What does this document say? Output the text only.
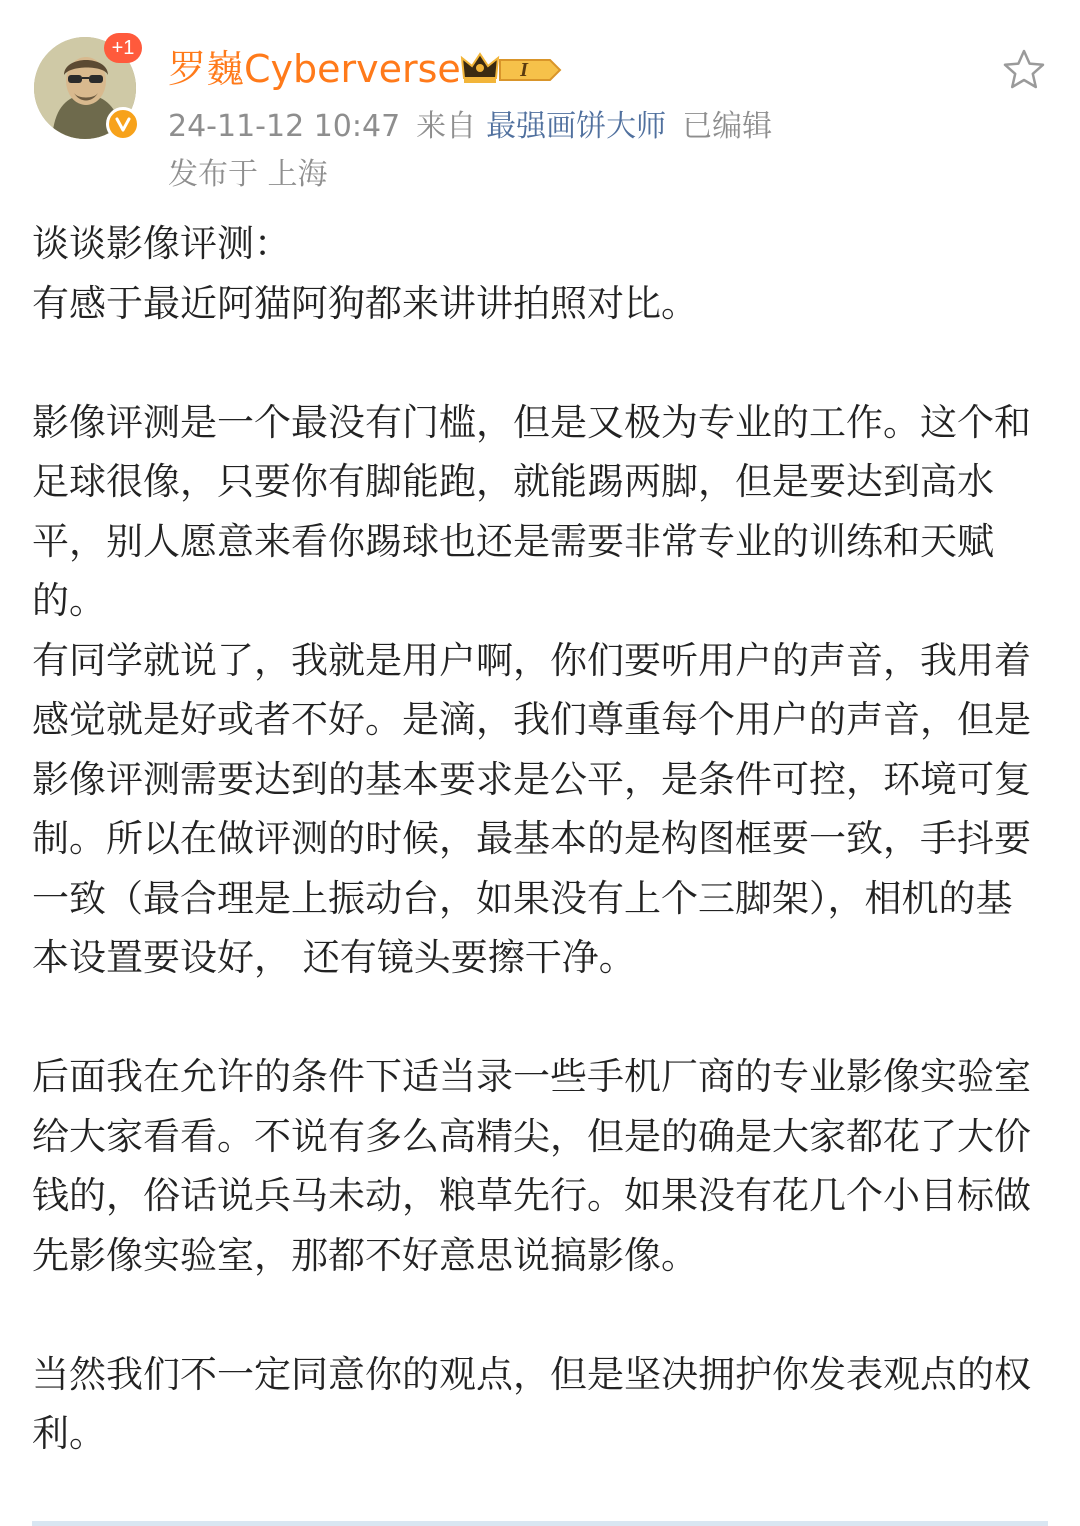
+1 罗巍Cyberverse	I
24-11-12 10:47 来自 最强画饼大师 已编辑
发布于 上海

谈谈影像评测：

有感于最近阿猫阿狗都来讲讲拍照对比。

影像评测是一个最没有门槛，但是又极为专业的工作。这个和足球很像，只要你有脚能跑，就能踢两脚，但是要达到高水平，别人愿意来看你踢球也还是需要非常专业的训练和天赋的。

有同学就说了，我就是用户啊，你们要听用户的声音，我用着感觉就是好或者不好。是滴，我们尊重每个用户的声音，但是影像评测需要达到的基本要求是公平，是条件可控，环境可复制。所以在做评测的时候，最基本的是构图框要一致，手抖要一致（最合理是上振动台，如果没有上个三脚架），相机的基本设置要设好， 还有镜头要擦干净。

后面我在允许的条件下适当录一些手机厂商的专业影像实验室给大家看看。不说有多么高精尖，但是的确是大家都花了大价钱的，俗话说兵马未动，粮草先行。如果没有花几个小目标做先影像实验室，那都不好意思说搞影像。

当然我们不一定同意你的观点，但是坚决拥护你发表观点的权利。
